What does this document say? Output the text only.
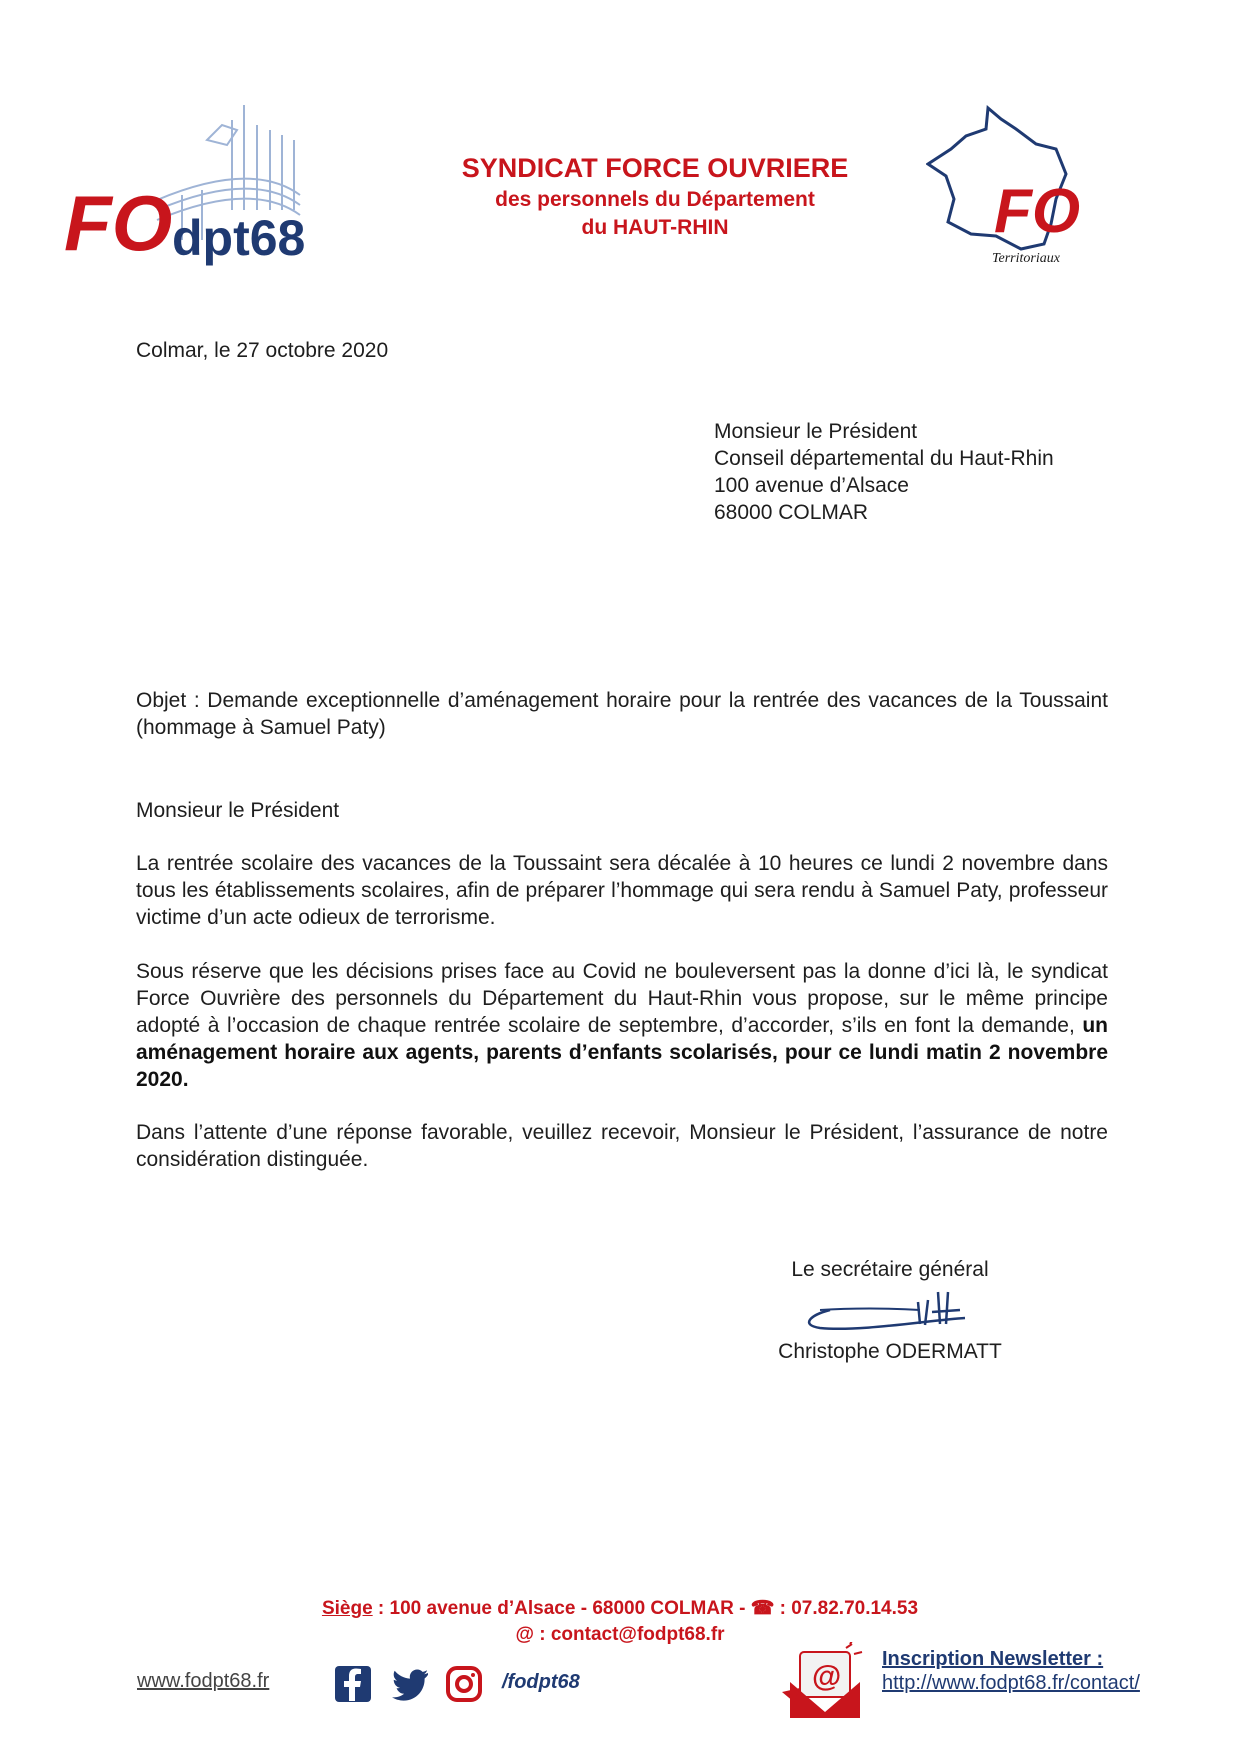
FO dpt68	FO
Territoriaux
SYNDICAT FORCE OUVRIERE
des personnels du Département
du HAUT-RHIN
Colmar, le 27 octobre 2020
Monsieur le Président
Conseil départemental du Haut-Rhin
100 avenue d’Alsace
68000 COLMAR
Objet : Demande exceptionnelle d’aménagement horaire pour la rentrée des vacances de la Toussaint (hommage à Samuel Paty)
Monsieur le Président
La rentrée scolaire des vacances de la Toussaint sera décalée à 10 heures ce lundi 2 novembre dans tous les établissements scolaires, afin de préparer l’hommage qui sera rendu à Samuel Paty, professeur victime d’un acte odieux de terrorisme.
Sous réserve que les décisions prises face au Covid ne bouleversent pas la donne d’ici là, le syndicat Force Ouvrière des personnels du Département du Haut-Rhin vous propose, sur le même principe adopté à l’occasion de chaque rentrée scolaire de septembre, d’accorder, s’ils en font la demande, un aménagement horaire aux agents, parents d’enfants scolarisés, pour ce lundi matin 2 novembre 2020.
Dans l’attente d’une réponse favorable, veuillez recevoir, Monsieur le Président, l’assurance de notre considération distinguée.
Le secrétaire général
Christophe ODERMATT
Siège : 100 avenue d’Alsace - 68000 COLMAR - ☎ : 07.82.70.14.53
@ : contact@fodpt68.fr
www.fodpt68.fr	/fodpt68	@
Inscription Newsletter :
http://www.fodpt68.fr/contact/
